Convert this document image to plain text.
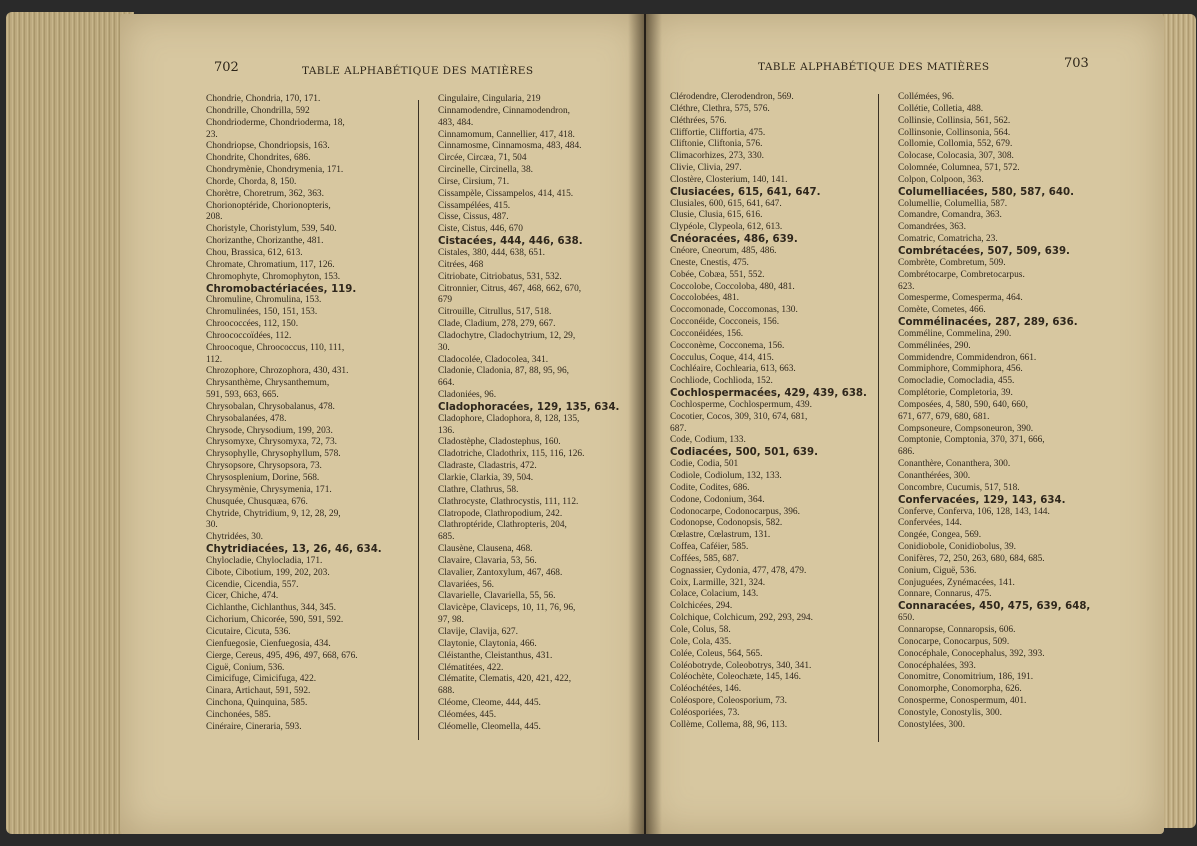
702	TABLE ALPHABÉTIQUE DES MATIÈRES
Chondrie, Chondria, 170, 171.
Chondrille, Chondrilla, 592
Chondrioderme, Chondrioderma, 18,
23.
Chondriopse, Chondriopsis, 163.
Chondrite, Chondrites, 686.
Chondrymènie, Chondrymenia, 171.
Chorde, Chorda, 8, 150.
Chorètre, Choretrum, 362, 363.
Chorionoptéride, Chorionopteris,
208.
Choristyle, Choristylum, 539, 540.
Chorizanthe, Chorizanthe, 481.
Chou, Brassica, 612, 613.
Chromate, Chromatium, 117, 126.
Chromophyte, Chromophyton, 153.
Chromobactériacées, 119.
Chromuline, Chromulina, 153.
Chromulinées, 150, 151, 153.
Chroococcées, 112, 150.
Chroococcoïdées, 112.
Chroocoque, Chroococcus, 110, 111,
112.
Chrozophore, Chrozophora, 430, 431.
Chrysanthème, Chrysanthemum,
591, 593, 663, 665.
Chrysobalan, Chrysobalanus, 478.
Chrysobalanées, 478.
Chrysode, Chrysodium, 199, 203.
Chrysomyxe, Chrysomyxa, 72, 73.
Chrysophylle, Chrysophyllum, 578.
Chrysopsore, Chrysopsora, 73.
Chrysosplenium, Dorine, 568.
Chrysymènie, Chrysymenia, 171.
Chusquée, Chusquæa, 676.
Chytride, Chytridium, 9, 12, 28, 29,
30.
Chytridées, 30.
Chytridiacées, 13, 26, 46, 634.
Chylocladie, Chylocladia, 171.
Cibote, Cibotium, 199, 202, 203.
Cicendie, Cicendia, 557.
Cicer, Chiche, 474.
Cichlanthe, Cichlanthus, 344, 345.
Cichorium, Chicorée, 590, 591, 592.
Cicutaire, Cicuta, 536.
Cienfuegosie, Cienfuegosia, 434.
Cierge, Cereus, 495, 496, 497, 668, 676.
Ciguë, Conium, 536.
Cimicifuge, Cimicifuga, 422.
Cinara, Artichaut, 591, 592.
Cinchona, Quinquina, 585.
Cinchonées, 585.
Cinéraire, Cineraria, 593.
Cingulaire, Cingularia, 219
Cinnamodendre, Cinnamodendron,
483, 484.
Cinnamomum, Cannellier, 417, 418.
Cinnamosme, Cinnamosma, 483, 484.
Circée, Circæa, 71, 504
Circinelle, Circinella, 38.
Cirse, Cirsium, 71.
Cissampèle, Cissampelos, 414, 415.
Cissampélées, 415.
Cisse, Cissus, 487.
Ciste, Cistus, 446, 670
Cistacées, 444, 446, 638.
Cistales, 380, 444, 638, 651.
Citrées, 468
Citriobate, Citriobatus, 531, 532.
Citronnier, Citrus, 467, 468, 662, 670,
679
Citrouille, Citrullus, 517, 518.
Clade, Cladium, 278, 279, 667.
Cladochytre, Cladochytrium, 12, 29,
30.
Cladocolée, Cladocolea, 341.
Cladonie, Cladonia, 87, 88, 95, 96,
664.
Cladoniées, 96.
Cladophoracées, 129, 135, 634.
Cladophore, Cladophora, 8, 128, 135,
136.
Cladostèphe, Cladostephus, 160.
Cladotriche, Cladothrix, 115, 116, 126.
Cladraste, Cladastris, 472.
Clarkie, Clarkia, 39, 504.
Clathre, Clathrus, 58.
Clathrocyste, Clathrocystis, 111, 112.
Clatropode, Clathropodium, 242.
Clathroptéride, Clathropteris, 204,
685.
Clausène, Clausena, 468.
Clavaire, Clavaria, 53, 56.
Clavalier, Zantoxylum, 467, 468.
Clavariées, 56.
Clavarielle, Clavariella, 55, 56.
Clavicèpe, Claviceps, 10, 11, 76, 96,
97, 98.
Clavije, Clavija, 627.
Claytonie, Claytonia, 466.
Cléistanthe, Cleistanthus, 431.
Clématitées, 422.
Clématite, Clematis, 420, 421, 422,
688.
Cléome, Cleome, 444, 445.
Cléomées, 445.
Cléomelle, Cleomella, 445.
703
TABLE ALPHABÉTIQUE DES MATIÈRES
Clérodendre, Clerodendron, 569.
Cléthre, Clethra, 575, 576.
Cléthrées, 576.
Cliffortie, Cliffortia, 475.
Cliftonie, Cliftonia, 576.
Climacorhizes, 273, 330.
Clivie, Clivia, 297.
Clostère, Closterium, 140, 141.
Clusiacées, 615, 641, 647.
Clusiales, 600, 615, 641, 647.
Clusie, Clusia, 615, 616.
Clypéole, Clypeola, 612, 613.
Cnéoracées, 486, 639.
Cnéore, Cneorum, 485, 486.
Cneste, Cnestis, 475.
Cobée, Cobæa, 551, 552.
Coccolobe, Coccoloba, 480, 481.
Coccolobées, 481.
Coccomonade, Coccomonas, 130.
Cocconéide, Cocconeis, 156.
Cocconéidées, 156.
Cocconème, Cocconema, 156.
Cocculus, Coque, 414, 415.
Cochléaire, Cochlearia, 613, 663.
Cochliode, Cochlioda, 152.
Cochlospermacées, 429, 439, 638.
Cochlosperme, Cochlospermum, 439.
Cocotier, Cocos, 309, 310, 674, 681,
687.
Code, Codium, 133.
Codiacées, 500, 501, 639.
Codie, Codia, 501
Codiole, Codiolum, 132, 133.
Codite, Codites, 686.
Codone, Codonium, 364.
Codonocarpe, Codonocarpus, 396.
Codonopse, Codonopsis, 582.
Cœlastre, Cœlastrum, 131.
Coffea, Caféier, 585.
Coffées, 585, 687.
Cognassier, Cydonia, 477, 478, 479.
Coix, Larmille, 321, 324.
Colace, Colacium, 143.
Colchicées, 294.
Colchique, Colchicum, 292, 293, 294.
Cole, Colus, 58.
Cole, Cola, 435.
Colée, Coleus, 564, 565.
Coléobotryde, Coleobotrys, 340, 341.
Coléochète, Coleochæte, 145, 146.
Coléochétées, 146.
Coléospore, Coleosporium, 73.
Coléosporiées, 73.
Collème, Collema, 88, 96, 113.
Collémées, 96.
Collétie, Colletia, 488.
Collinsie, Collinsia, 561, 562.
Collinsonie, Collinsonia, 564.
Collomie, Collomia, 552, 679.
Colocase, Colocasia, 307, 308.
Colomnée, Columnea, 571, 572.
Colpon, Colpoon, 363.
Columelliacées, 580, 587, 640.
Columellie, Columellia, 587.
Comandre, Comandra, 363.
Comandrées, 363.
Comatric, Comatricha, 23.
Combrétacées, 507, 509, 639.
Combrète, Combretum, 509.
Combrétocarpe, Combretocarpus.
623.
Comesperme, Comesperma, 464.
Comète, Cometes, 466.
Commélinacées, 287, 289, 636.
Comméline, Commelina, 290.
Commélinées, 290.
Commidendre, Commidendron, 661.
Commiphore, Commiphora, 456.
Comocladie, Comocladia, 455.
Complétorie, Completoria, 39.
Composées, 4, 580, 590, 640, 660,
671, 677, 679, 680, 681.
Compsoneure, Compsoneuron, 390.
Comptonie, Comptonia, 370, 371, 666,
686.
Conanthère, Conanthera, 300.
Conanthérées, 300.
Concombre, Cucumis, 517, 518.
Confervacées, 129, 143, 634.
Conferve, Conferva, 106, 128, 143, 144.
Confervées, 144.
Congée, Congea, 569.
Conidiobole, Conidiobolus, 39.
Conifères, 72, 250, 263, 680, 684, 685.
Conium, Ciguë, 536.
Conjuguées, Zynémacées, 141.
Connare, Connarus, 475.
Connaracées, 450, 475, 639, 648,
650.
Connaropse, Connaropsis, 606.
Conocarpe, Conocarpus, 509.
Conocéphale, Conocephalus, 392, 393.
Conocéphalées, 393.
Conomitre, Conomitrium, 186, 191.
Conomorphe, Conomorpha, 626.
Conosperme, Conospermum, 401.
Conostyle, Conostylis, 300.
Conostylées, 300.
